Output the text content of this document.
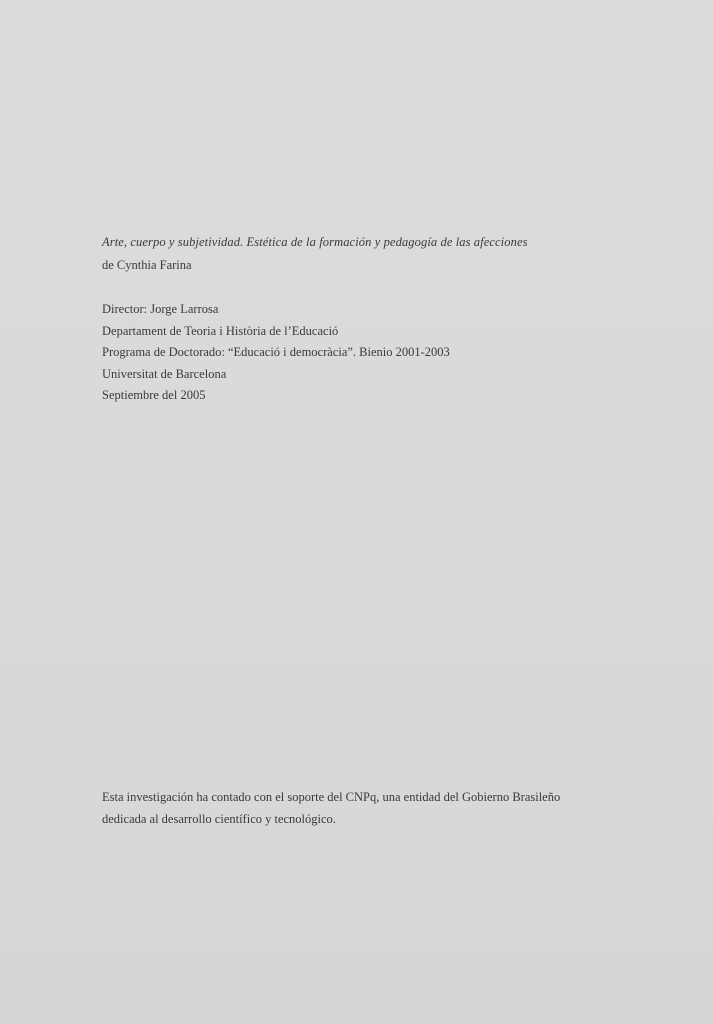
Arte, cuerpo y subjetividad. Estética de la formación y pedagogía de las afecciones
de Cynthia Farina
Director: Jorge Larrosa
Departament de Teoria i Història de l’Educació
Programa de Doctorado: “Educació i democràcia”. Bienio 2001-2003
Universitat de Barcelona
Septiembre del 2005
Esta investigación ha contado con el soporte del CNPq, una entidad del Gobierno Brasileño
dedicada al desarrollo científico y tecnológico.
